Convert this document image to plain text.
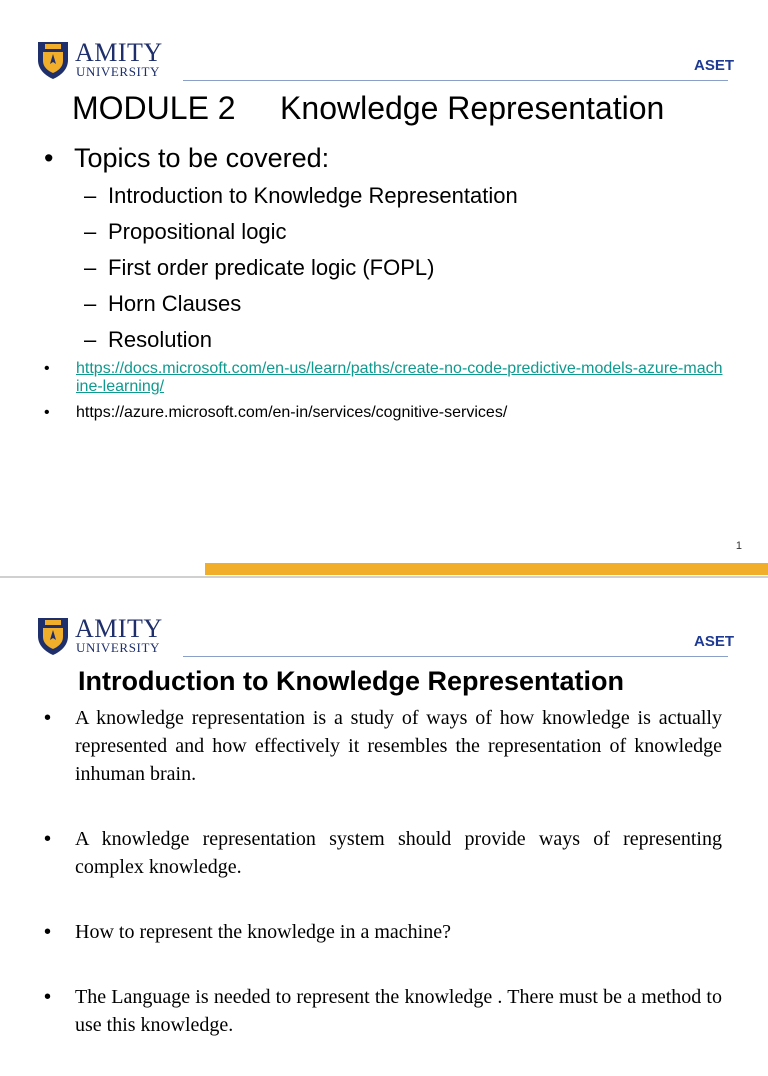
AMITY
UNIVERSITY	ASET
MODULE 2     Knowledge Representation
• Topics to be covered:
– Introduction to Knowledge Representation
– Propositional logic
– First order predicate logic (FOPL)
– Horn Clauses
– Resolution
• https://docs.microsoft.com/en-us/learn/paths/create-no-code-predictive-models-azure-machine-learning/
• https://azure.microsoft.com/en-in/services/cognitive-services/
1
AMITY
UNIVERSITY	ASET
Introduction to Knowledge Representation
• A knowledge representation is a study of ways of how knowledge is actually represented and how effectively it resembles the representation of knowledge inhuman brain.
• A knowledge representation system should provide ways of representing complex knowledge.
• How to represent the knowledge in a machine?
• The Language is needed to represent the knowledge . There must be a method to use this knowledge.
